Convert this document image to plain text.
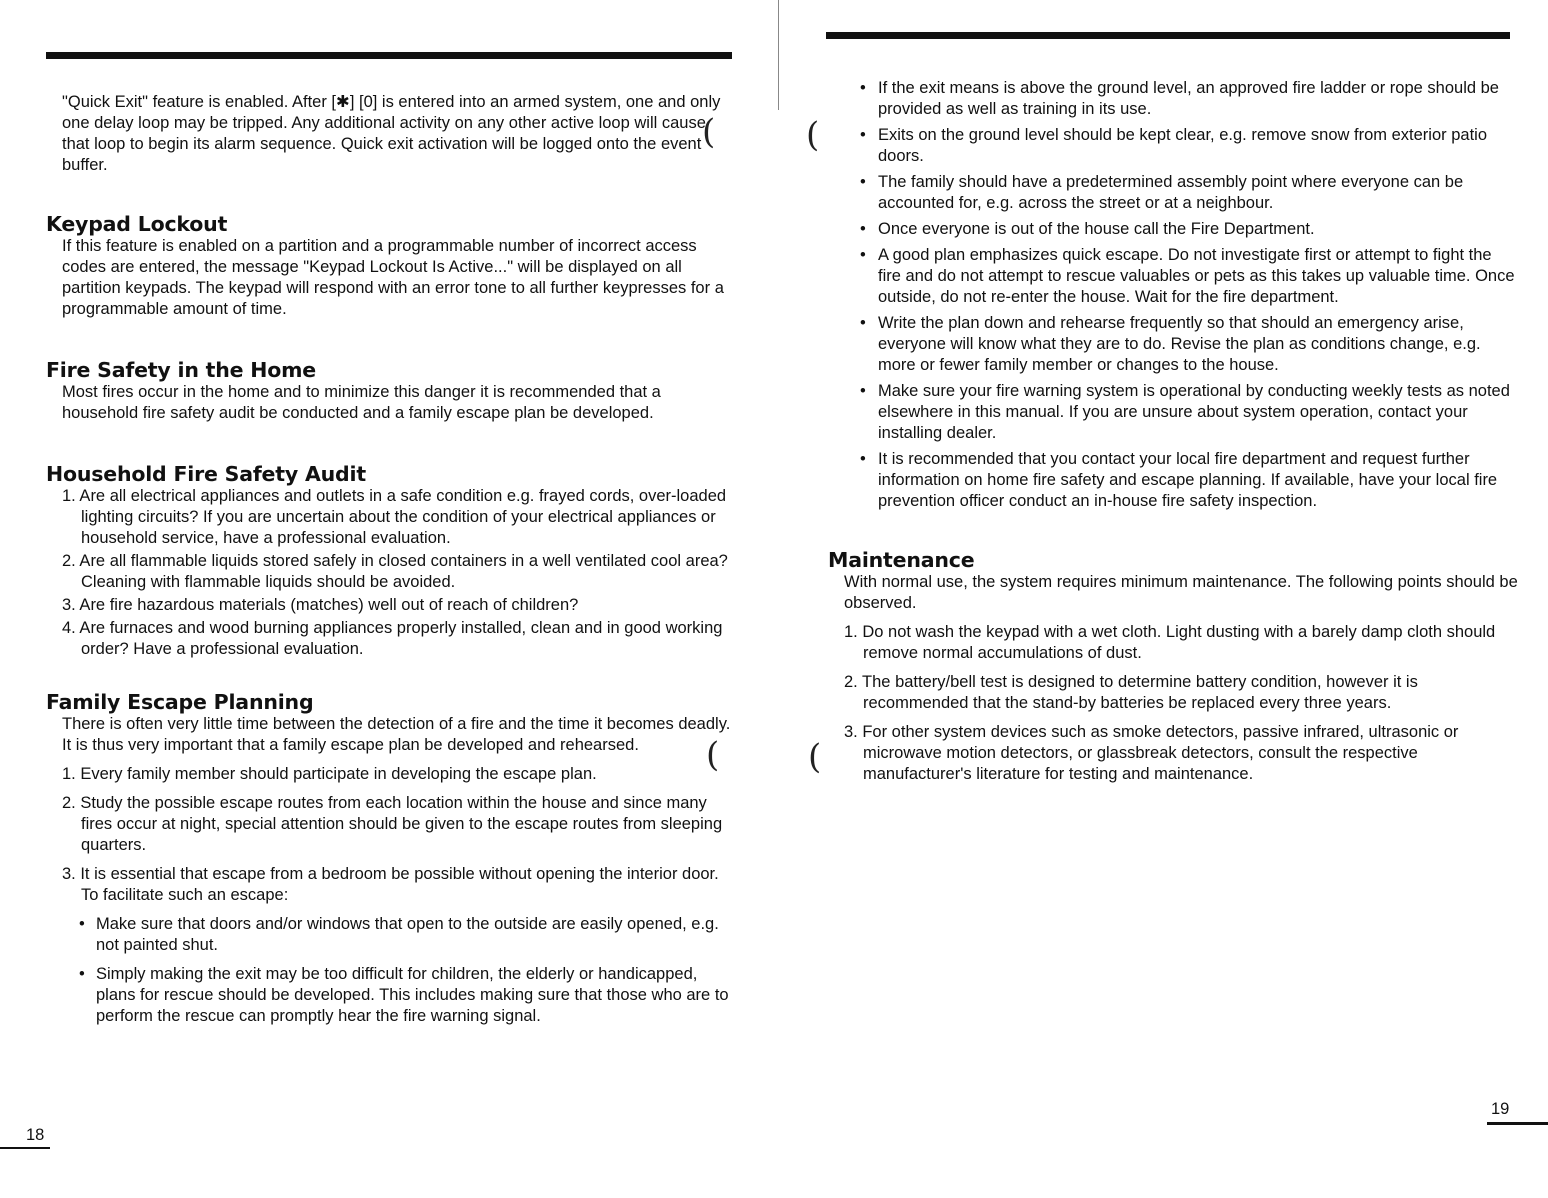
(	(
(	(

"Quick Exit" feature is enabled. After [✱] [0] is entered into an armed system, one and only one delay loop may be tripped. Any additional activity on any other active loop will cause that loop to begin its alarm sequence. Quick exit activation will be logged onto the event buffer.

Keypad Lockout

If this feature is enabled on a partition and a programmable number of incorrect access codes are entered, the message "Keypad Lockout Is Active..." will be displayed on all partition keypads. The keypad will respond with an error tone to all further keypresses for a programmable amount of time.

Fire Safety in the Home

Most fires occur in the home and to minimize this danger it is recommended that a household fire safety audit be conducted and a family escape plan be developed.

Household Fire Safety Audit
1. Are all electrical appliances and outlets in a safe condition e.g. frayed cords, over-loaded lighting circuits? If you are uncertain about the condition of your electrical appliances or household service, have a professional evaluation.
2. Are all flammable liquids stored safely in closed containers in a well ventilated cool area? Cleaning with flammable liquids should be avoided.
3. Are fire hazardous materials (matches) well out of reach of children?
4. Are furnaces and wood burning appliances properly installed, clean and in good working order? Have a professional evaluation.
Family Escape Planning

There is often very little time between the detection of a fire and the time it becomes deadly. It is thus very important that a family escape plan be developed and rehearsed.

1. Every family member should participate in developing the escape plan.
2. Study the possible escape routes from each location within the house and since many fires occur at night, special attention should be given to the escape routes from sleeping quarters.
3. It is essential that escape from a bedroom be possible without opening the interior door. To facilitate such an escape:
• Make sure that doors and/or windows that open to the outside are easily opened, e.g. not painted shut.
• Simply making the exit may be too difficult for children, the elderly or handicapped, plans for rescue should be developed. This includes making sure that those who are to perform the rescue can promptly hear the fire warning signal.
18
• If the exit means is above the ground level, an approved fire ladder or rope should be provided as well as training in its use.
• Exits on the ground level should be kept clear, e.g. remove snow from exterior patio doors.
• The family should have a predetermined assembly point where everyone can be accounted for, e.g. across the street or at a neighbour.
• Once everyone is out of the house call the Fire Department.
• A good plan emphasizes quick escape. Do not investigate first or attempt to fight the fire and do not attempt to rescue valuables or pets as this takes up valuable time. Once outside, do not re-enter the house. Wait for the fire department.
• Write the plan down and rehearse frequently so that should an emergency arise, everyone will know what they are to do. Revise the plan as conditions change, e.g. more or fewer family member or changes to the house.
• Make sure your fire warning system is operational by conducting weekly tests as noted elsewhere in this manual. If you are unsure about system operation, contact your installing dealer.
• It is recommended that you contact your local fire department and request further information on home fire safety and escape planning. If available, have your local fire prevention officer conduct an in-house fire safety inspection.
Maintenance

With normal use, the system requires minimum maintenance. The following points should be observed.

1. Do not wash the keypad with a wet cloth. Light dusting with a barely damp cloth should remove normal accumulations of dust.
2. The battery/bell test is designed to determine battery condition, however it is recommended that the stand-by batteries be replaced every three years.
3. For other system devices such as smoke detectors, passive infrared, ultrasonic or microwave motion detectors, or glassbreak detectors, consult the respective manufacturer's literature for testing and maintenance.
19
